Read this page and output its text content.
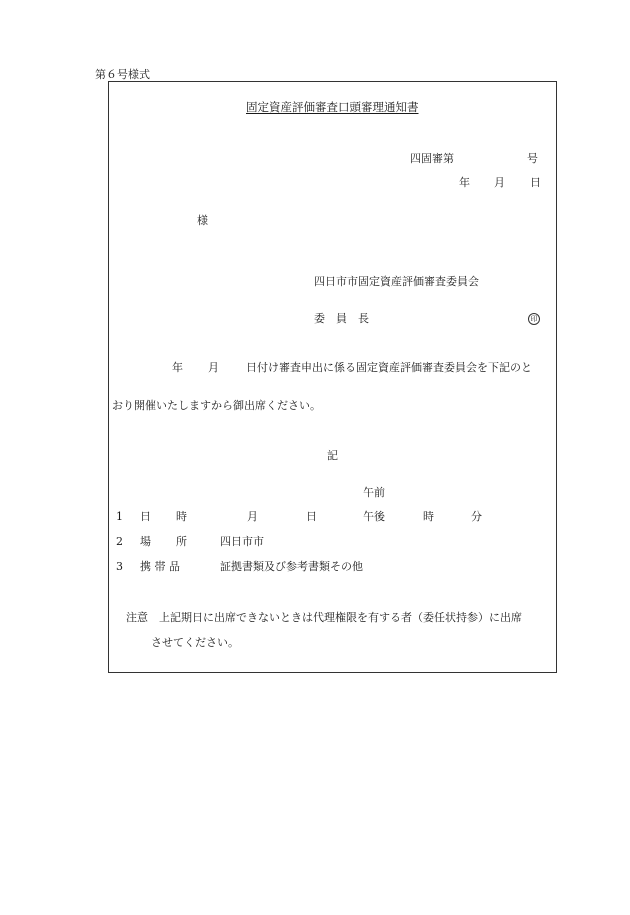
第６号様式
固定資産評価審査口頭審理通知書
四固審第	号
年 月 日
様
四日市市固定資産評価審査委員会
委　員　長	印
年 月 日付け審査申出に係る固定資産評価審査委員会を下記のと
おり開催いたしますから御出席ください。
記
午前
1 日 時	月	日	午後	時	分
2 場 所	四日市市
3 携 帯 品	証拠書類及び参考書類その他
注意　上記期日に出席できないときは代理権限を有する者（委任状持参）に出席
させてください。
